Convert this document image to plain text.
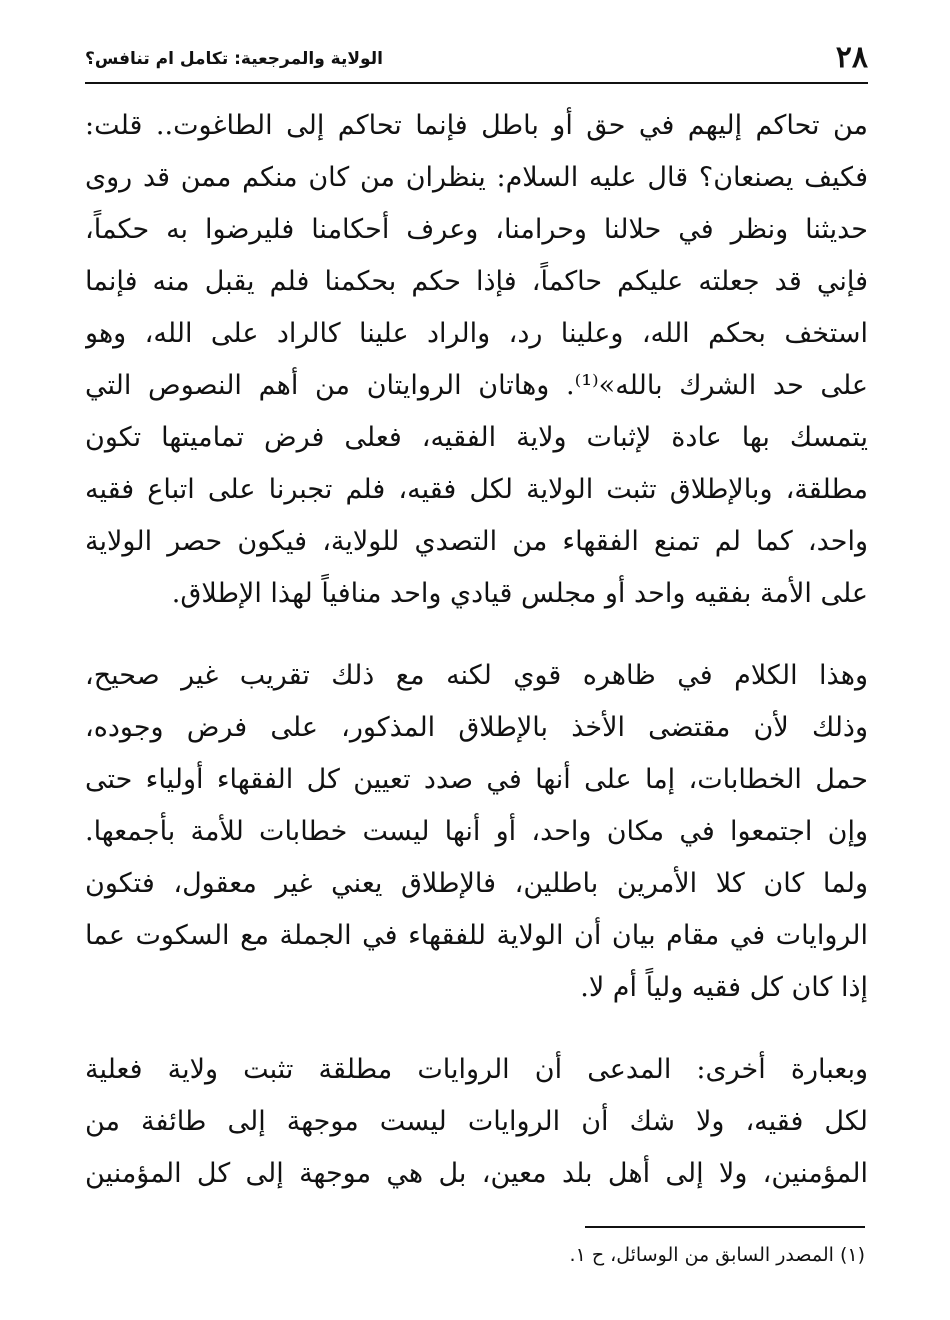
٢٨
الولاية والمرجعية: تكامل ام تنافس؟
من تحاكم إليهم في حق أو باطل فإنما تحاكم إلى الطاغوت.. قلت:
فكيف يصنعان؟ قال عليه السلام: ينظران من كان منكم ممن قد روى
حديثنا ونظر في حلالنا وحرامنا، وعرف أحكامنا فليرضوا به حكماً،
فإني قد جعلته عليكم حاكماً، فإذا حكم بحكمنا فلم يقبل منه فإنما
استخف بحكم الله، وعلينا رد، والراد علينا كالراد على الله، وهو
على حد الشرك بالله»⁽¹⁾. وهاتان الروايتان من أهم النصوص التي
يتمسك بها عادة لإثبات ولاية الفقيه، فعلى فرض تماميتها تكون
مطلقة، وبالإطلاق تثبت الولاية لكل فقيه، فلم تجبرنا على اتباع فقيه
واحد، كما لم تمنع الفقهاء من التصدي للولاية، فيكون حصر الولاية
على الأمة بفقيه واحد أو مجلس قيادي واحد منافياً لهذا الإطلاق.
وهذا الكلام في ظاهره قوي لكنه مع ذلك تقريب غير صحيح،
وذلك لأن مقتضى الأخذ بالإطلاق المذكور، على فرض وجوده،
حمل الخطابات، إما على أنها في صدد تعيين كل الفقهاء أولياء حتى
وإن اجتمعوا في مكان واحد، أو أنها ليست خطابات للأمة بأجمعها.
ولما كان كلا الأمرين باطلين، فالإطلاق يعني غير معقول، فتكون
الروايات في مقام بيان أن الولاية للفقهاء في الجملة مع السكوت عما
إذا كان كل فقيه ولياً أم لا.
وبعبارة أخرى: المدعى أن الروايات مطلقة تثبت ولاية فعلية
لكل فقيه، ولا شك أن الروايات ليست موجهة إلى طائفة من
المؤمنين، ولا إلى أهل بلد معين، بل هي موجهة إلى كل المؤمنين
(١) المصدر السابق من الوسائل، ح ١.
